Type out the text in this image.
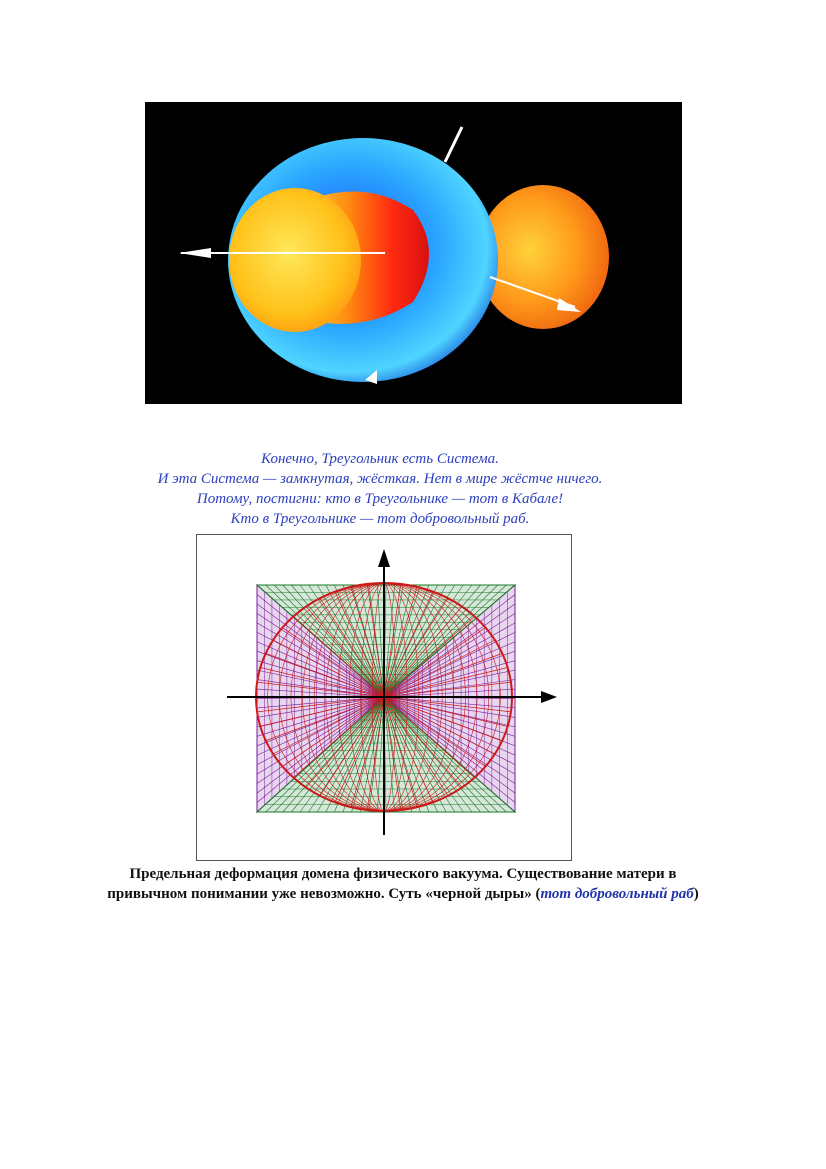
Конечно, Треугольник есть Система.
И эта Система — замкнутая, жёсткая. Нет в мире жёстче ничего.
Потому, постигни: кто в Треугольнике — тот в Кабале!
Кто в Треугольнике — тот добровольный раб.
Предельная деформация домена физического вакуума. Существование матери в
привычном понимании уже невозможно. Суть «черной дыры» (тот добровольный раб)
